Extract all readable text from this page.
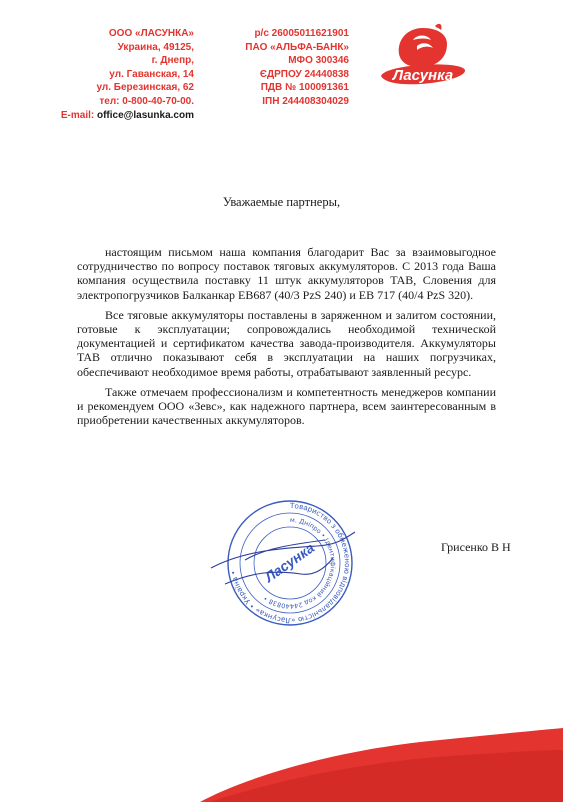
ООО «ЛАСУНКА»
Украина, 49125,
г. Днепр,
ул. Гаванская, 14
ул. Березинская, 62
тел: 0-800-40-70-00.
E-mail: office@lasunka.com
р/с 26005011621901
ПАО «АЛЬФА-БАНК»
МФО 300346
ЄДРПОУ 24440838
ПДВ № 100091361
ІПН 244408304029
Ласунка
Уважаемые партнеры,

настоящим письмом наша компания благодарит Вас за взаимовыгодное сотрудничество по вопросу поставок тяговых аккумуляторов. С 2013 года Ваша компания осуществила поставку 11 штук аккумуляторов TAB, Словения для электропогрузчиков Балканкар ЕВ687 (40/3 PzS 240) и ЕВ 717 (40/4 PzS 320).

Все тяговые аккумуляторы поставлены в заряженном и залитом состоянии, готовые к эксплуатации; сопровождались необходимой технической документацией и сертификатом качества завода-производителя. Аккумуляторы TAB отлично показывают себя в эксплуатации на наших погрузчиках, обеспечивают необходимое время работы, отрабатывают заявленный ресурс.

Также отмечаем профессионализм и компетентность менеджеров компании и рекомендуем ООО «Зевс», как надежного партнера, всем заинтересованным в приобретении качественных аккумуляторов.

Товариство з обмеженою відповідальністю «Ласунка» • Україна •
м. Дніпро • Ідентифікаційний код 24440838 •
Ласунка	Грисенко В Н
